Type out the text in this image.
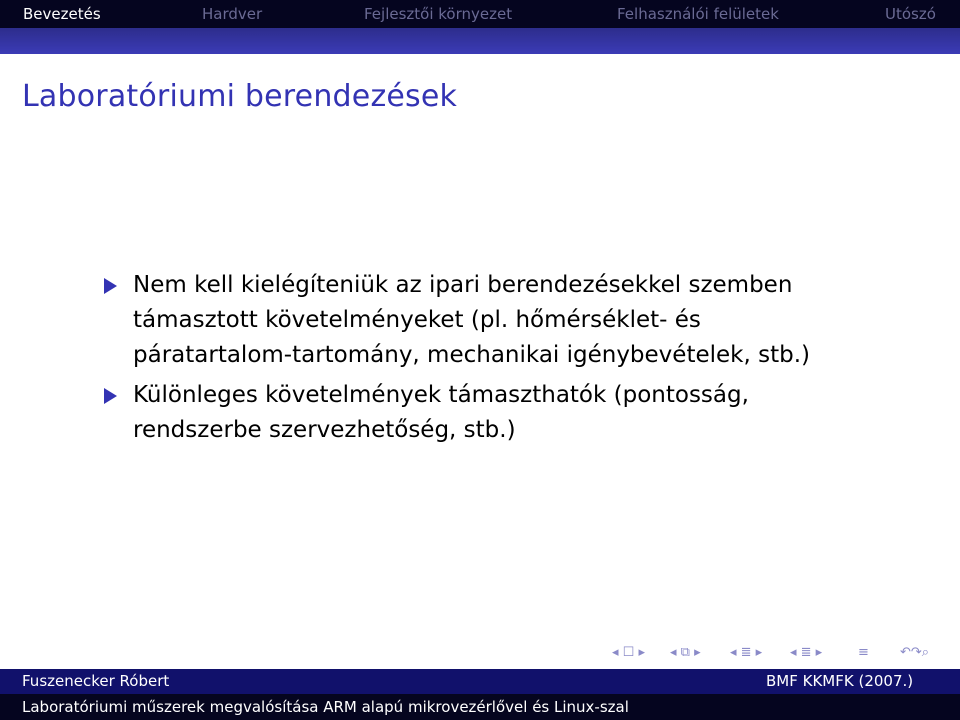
Bevezetés	Hardver	Fejlesztői környezet	Felhasználói felületek	Utószó
Laboratóriumi berendezések
Nem kell kielégíteniük az ipari berendezésekkel szemben
támasztott követelményeket (pl. hőmérséklet- és
páratartalom-tartomány, mechanikai igénybevételek, stb.)
Különleges követelmények támaszthatók (pontosság,
rendszerbe szervezhetőség, stb.)
◂ ☐ ▸ ◂ ⧉ ▸ ◂ ≣ ▸ ◂ ≣ ▸	≡ ↶↷⌕
Fuszenecker Róbert	BMF KKMFK (2007.)
Laboratóriumi műszerek megvalósítása ARM alapú mikrovezérlővel és Linux-szal
